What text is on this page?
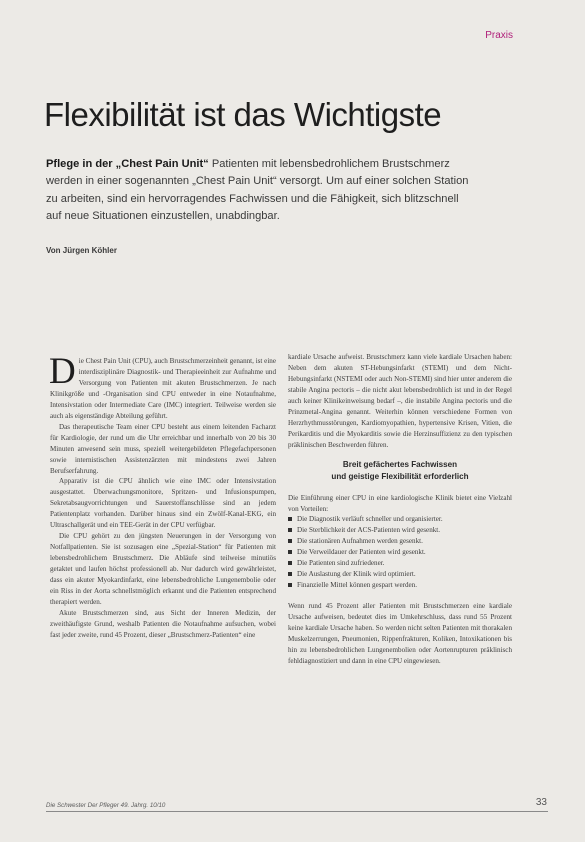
Praxis
Flexibilität ist das Wichtigste
Pflege in der „Chest Pain Unit“ Patienten mit lebensbedrohlichem Brustschmerz werden in einer sogenannten „Chest Pain Unit“ versorgt. Um auf einer solchen Station zu arbeiten, sind ein hervorragendes Fachwissen und die Fähigkeit, sich blitzschnell auf neue Situationen einzustellen, unabdingbar.
Von Jürgen Köhler

Die Chest Pain Unit (CPU), auch Brustschmerzeinheit genannt, ist eine interdisziplinäre Diagnostik- und Therapieeinheit zur Aufnahme und Versorgung von Patienten mit akuten Brustschmerzen. Je nach Klinikgröße und -Organisation sind CPU entweder in eine Notaufnahme, Intensivstation oder Intermediate Care (IMC) integriert. Teilweise werden sie auch als eigenständige Abteilung geführt.

Das therapeutische Team einer CPU besteht aus einem leitenden Facharzt für Kardiologie, der rund um die Uhr erreichbar und innerhalb von 20 bis 30 Minuten anwesend sein muss, speziell weitergebildeten Pflegefachpersonen sowie internistischen Assistenzärzten mit mindestens zwei Jahren Berufserfahrung.

Apparativ ist die CPU ähnlich wie eine IMC oder Intensivstation ausgestattet. Überwachungsmonitore, Spritzen- und Infusionspumpen, Sekretabsaugvorrichtungen und Sauerstoffanschlüsse sind an jedem Patientenplatz vorhanden. Darüber hinaus sind ein Zwölf-Kanal-EKG, ein Ultraschallgerät und ein TEE-Gerät in der CPU verfügbar.

Die CPU gehört zu den jüngsten Neuerungen in der Versorgung von Notfallpatienten. Sie ist sozusagen eine „Spezial-Station“ für Patienten mit lebensbedrohlichem Brustschmerz. Die Abläufe sind teilweise minutiös getaktet und laufen höchst professionell ab. Nur dadurch wird gewährleistet, dass ein akuter Myokardinfarkt, eine lebensbedrohliche Lungenembolie oder ein Riss in der Aorta schnellstmöglich erkannt und die Patienten entsprechend therapiert werden.

Akute Brustschmerzen sind, aus Sicht der Inneren Medizin, der zweithäufigste Grund, weshalb Patienten die Notaufnahme aufsuchen, wobei fast jeder zweite, rund 45 Prozent, dieser „Brustschmerz-Patienten“ eine

kardiale Ursache aufweist. Brustschmerz kann viele kardiale Ursachen haben: Neben dem akuten ST-Hebungsinfarkt (STEMI) und dem Nicht-Hebungsinfarkt (NSTEMI oder auch Non-STEMI) sind hier unter anderem die stabile Angina pectoris – die nicht akut lebensbedrohlich ist und in der Regel auch keiner Klinikeinweisung bedarf –, die instabile Angina pectoris und die Prinzmetal-Angina genannt. Weiterhin können verschiedene Formen von Herzrhythmusstörungen, Kardiomyopathien, hypertensive Krisen, Vitien, die Perikarditis und die Myokarditis sowie die Herzinsuffizienz zu den typischen präklinischen Beschwerden führen.

Breit gefächertes Fachwissen
und geistige Flexibilität erforderlich

Die Einführung einer CPU in eine kardiologische Klinik bietet eine Vielzahl von Vorteilen:

Die Diagnostik verläuft schneller und organisierter.
Die Sterblichkeit der ACS-Patienten wird gesenkt.
Die stationären Aufnahmen werden gesenkt.
Die Verweildauer der Patienten wird gesenkt.
Die Patienten sind zufriedener.
Die Auslastung der Klinik wird optimiert.
Finanzielle Mittel können gespart werden.

Wenn rund 45 Prozent aller Patienten mit Brustschmerzen eine kardiale Ursache aufweisen, bedeutet dies im Umkehrschluss, dass rund 55 Prozent keine kardiale Ursache haben. So werden nicht selten Patienten mit thorakalen Muskelzerrungen, Pneumonien, Rippenfrakturen, Koliken, Intoxikationen bis hin zu lebensbedrohlichen Lungenembolien oder Aortenrupturen präklinisch fehldiagnostiziert und dann in eine CPU eingewiesen.

Die Schwester Der Pfleger 49. Jahrg. 10/10	33
